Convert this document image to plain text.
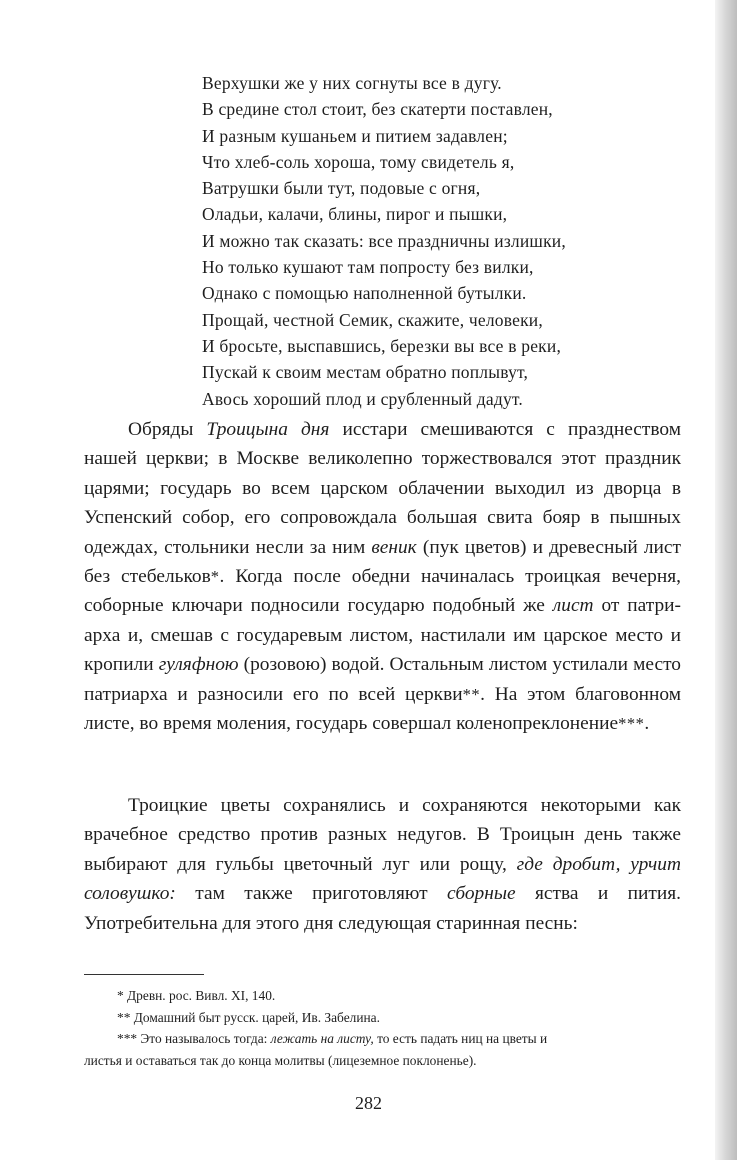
Верхушки же у них согнуты все в дугу.
В средине стол стоит, без скатерти поставлен,
И разным кушаньем и питием задавлен;
Что хлеб-соль хороша, тому свидетель я,
Ватрушки были тут, подовые с огня,
Оладьи, калачи, блины, пирог и пышки,
И можно так сказать: все праздничны излишки,
Но только кушают там попросту без вилки,
Однако с помощью наполненной бутылки.
Прощай, честной Семик, скажите, человеки,
И бросьте, выспавшись, березки вы все в реки,
Пускай к своим местам обратно поплывут,
Авось хороший плод и срубленный дадут.

Обряды Троицына дня исстари смешиваются с празднеством нашей церкви; в Москве великолепно торжествовался этот праздник царями; государь во всем царском облачении выходил из дворца в Успенский собор, его сопровождала большая свита бояр в пышных одеждах, стольники несли за ним веник (пук цветов) и древесный лист без стебельков*. Когда после обедни начиналась троицкая вечерня, соборные ключари подносили государю подобный же лист от патриарха и, смешав с государевым листом, настилали им царское место и кропили гуляфною (розовою) водой. Остальным листом устилали место патриарха и разносили его по всей церкви**. На этом благовонном листе, во время моления, государь совершал коленопреклонение***.

Троицкие цветы сохранялись и сохраняются некоторыми как врачебное средство против разных недугов. В Троицын день также выбирают для гульбы цветочный луг или рощу, где дробит, урчит соловушко: там также приготовляют сборные яства и пития. Употребительна для этого дня следующая старинная песнь:

* Древн. рос. Вивл. XI, 140.
** Домашний быт русск. царей, Ив. Забелина.
*** Это называлось тогда: лежать на листу, то есть падать ниц на цветы и
листья и оставаться так до конца молитвы (лицеземное поклоненье).
282
